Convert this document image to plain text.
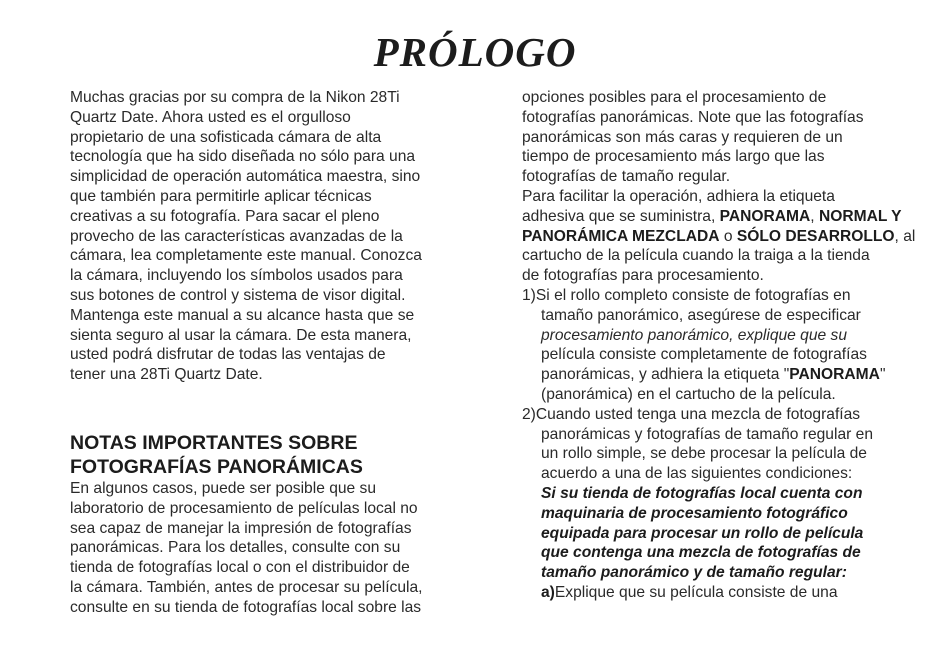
PRÓLOGO
Muchas gracias por su compra de la Nikon 28Ti
Quartz Date. Ahora usted es el orgulloso
propietario de una sofisticada cámara de alta
tecnología que ha sido diseñada no sólo para una
simplicidad de operación automática maestra, sino
que también para permitirle aplicar técnicas
creativas a su fotografía. Para sacar el pleno
provecho de las características avanzadas de la
cámara, lea completamente este manual. Conozca
la cámara, incluyendo los símbolos usados para
sus botones de control y sistema de visor digital.
Mantenga este manual a su alcance hasta que se
sienta seguro al usar la cámara. De esta manera,
usted podrá disfrutar de todas las ventajas de
tener una 28Ti Quartz Date.
NOTAS IMPORTANTES SOBRE
FOTOGRAFÍAS PANORÁMICAS
En algunos casos, puede ser posible que su
laboratorio de procesamiento de películas local no
sea capaz de manejar la impresión de fotografías
panorámicas. Para los detalles, consulte con su
tienda de fotografías local o con el distribuidor de
la cámara. También, antes de procesar su película,
consulte en su tienda de fotografías local sobre las
opciones posibles para el procesamiento de
fotografías panorámicas. Note que las fotografías
panorámicas son más caras y requieren de un
tiempo de procesamiento más largo que las
fotografías de tamaño regular.
Para facilitar la operación, adhiera la etiqueta
adhesiva que se suministra, PANORAMA, NORMAL Y
PANORÁMICA MEZCLADA o SÓLO DESARROLLO, al
cartucho de la película cuando la traiga a la tienda
de fotografías para procesamiento.
1)Si el rollo completo consiste de fotografías en
tamaño panorámico, asegúrese de especificar
procesamiento panorámico, explique que su
película consiste completamente de fotografías
panorámicas, y adhiera la etiqueta "PANORAMA"
(panorámica) en el cartucho de la película.
2)Cuando usted tenga una mezcla de fotografías
panorámicas y fotografías de tamaño regular en
un rollo simple, se debe procesar la película de
acuerdo a una de las siguientes condiciones:
Si su tienda de fotografías local cuenta con
maquinaria de procesamiento fotográfico
equipada para procesar un rollo de película
que contenga una mezcla de fotografías de
tamaño panorámico y de tamaño regular:
a)Explique que su película consiste de una
